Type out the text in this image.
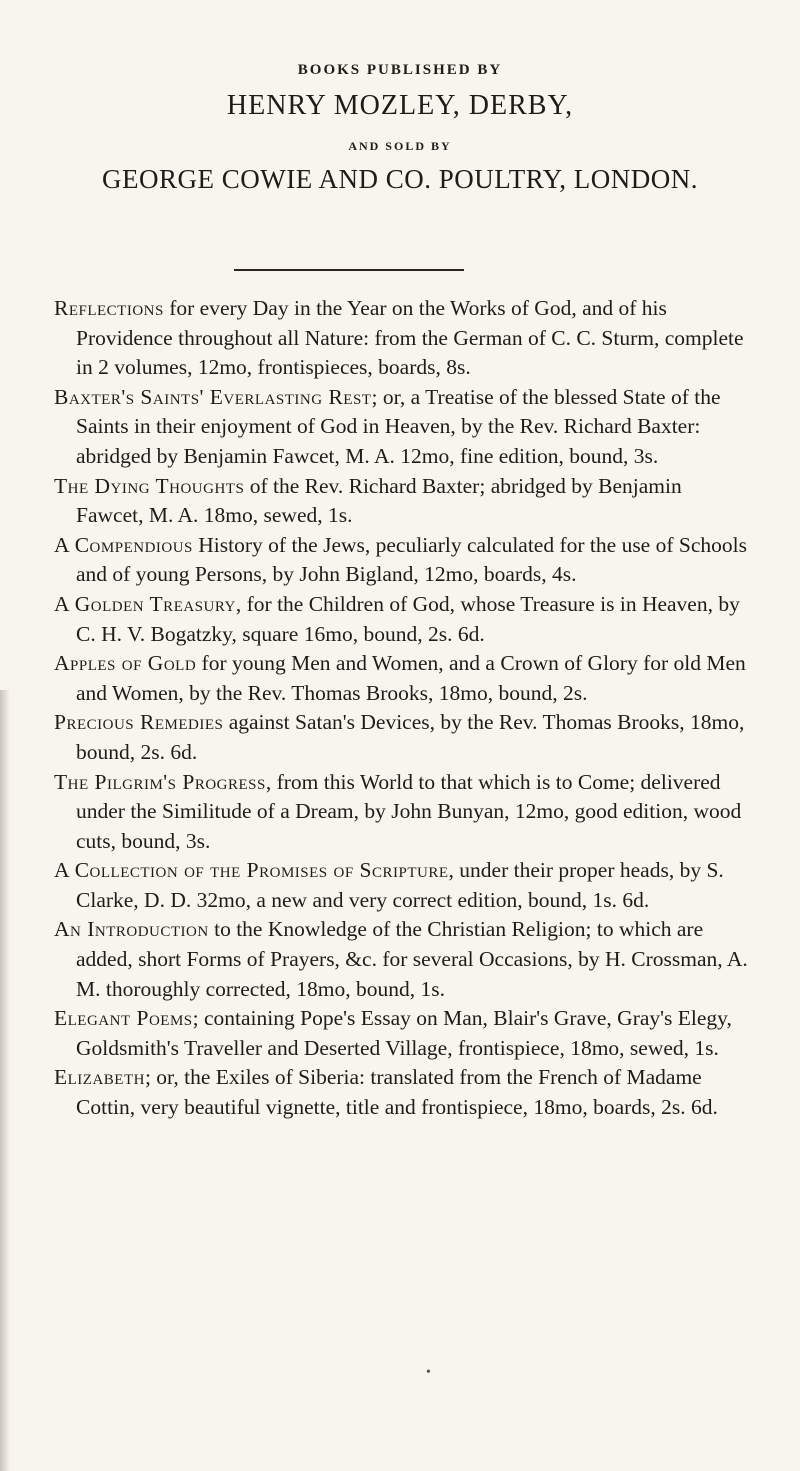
BOOKS PUBLISHED BY

HENRY MOZLEY, DERBY,

AND SOLD BY

GEORGE COWIE AND CO. POULTRY, LONDON.

Reflections for every Day in the Year on the Works of God, and of his Providence throughout all Nature: from the German of C. C. Sturm, complete in 2 volumes, 12mo, frontispieces, boards, 8s.

Baxter's Saints' Everlasting Rest; or, a Treatise of the blessed State of the Saints in their enjoyment of God in Heaven, by the Rev. Richard Baxter: abridged by Benjamin Fawcet, M. A. 12mo, fine edition, bound, 3s.

The Dying Thoughts of the Rev. Richard Baxter; abridged by Benjamin Fawcet, M. A. 18mo, sewed, 1s.

A Compendious History of the Jews, peculiarly calculated for the use of Schools and of young Persons, by John Bigland, 12mo, boards, 4s.

A Golden Treasury, for the Children of God, whose Treasure is in Heaven, by C. H. V. Bogatzky, square 16mo, bound, 2s. 6d.

Apples of Gold for young Men and Women, and a Crown of Glory for old Men and Women, by the Rev. Thomas Brooks, 18mo, bound, 2s.

Precious Remedies against Satan's Devices, by the Rev. Thomas Brooks, 18mo, bound, 2s. 6d.

The Pilgrim's Progress, from this World to that which is to Come; delivered under the Similitude of a Dream, by John Bunyan, 12mo, good edition, wood cuts, bound, 3s.

A Collection of the Promises of Scripture, under their proper heads, by S. Clarke, D. D. 32mo, a new and very correct edition, bound, 1s. 6d.

An Introduction to the Knowledge of the Christian Religion; to which are added, short Forms of Prayers, &c. for several Occasions, by H. Crossman, A. M. thoroughly corrected, 18mo, bound, 1s.

Elegant Poems; containing Pope's Essay on Man, Blair's Grave, Gray's Elegy, Goldsmith's Traveller and Deserted Village, frontispiece, 18mo, sewed, 1s.

Elizabeth; or, the Exiles of Siberia: translated from the French of Madame Cottin, very beautiful vignette, title and frontispiece, 18mo, boards, 2s. 6d.

•
